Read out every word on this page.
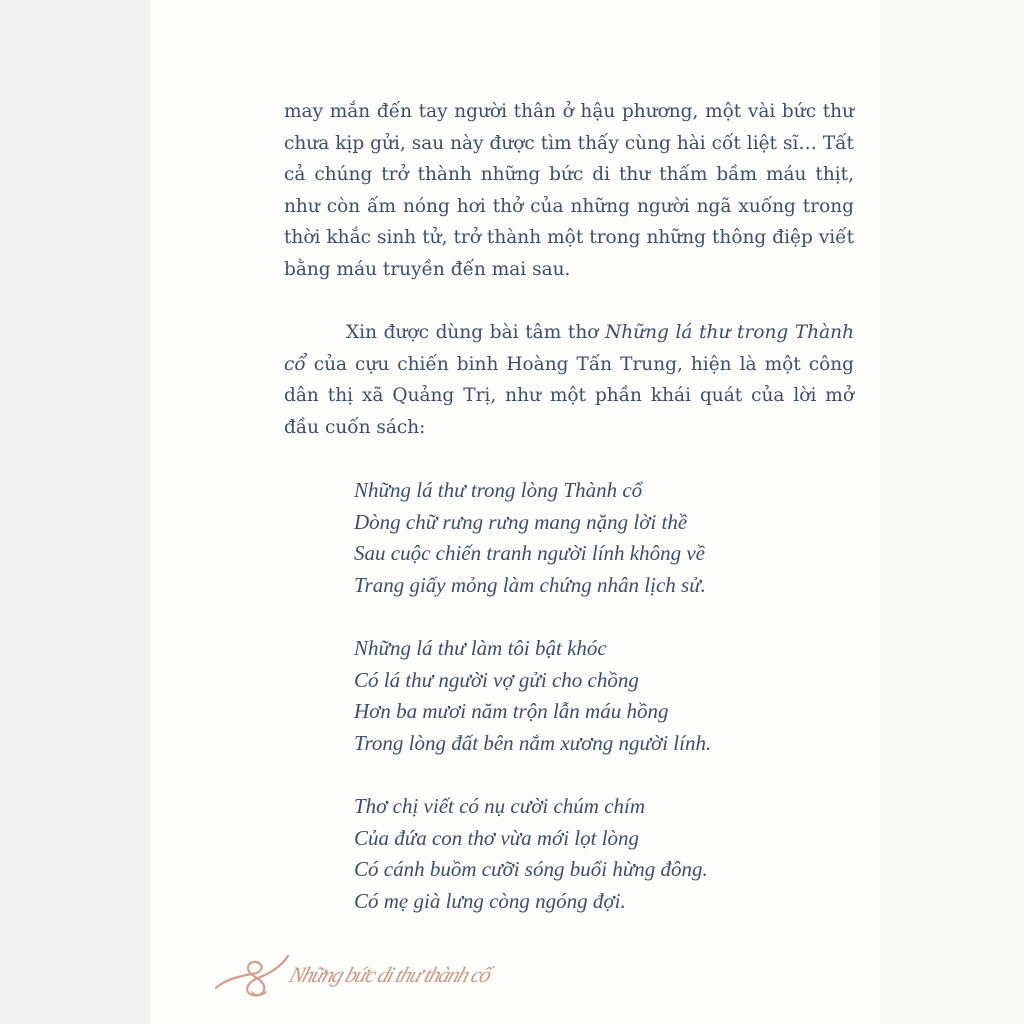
may mắn đến tay người thân ở hậu phương, một vài bức thư chưa kịp gửi, sau này được tìm thấy cùng hài cốt liệt sĩ… Tất cả chúng trở thành những bức di thư thấm bầm máu thịt, như còn ấm nóng hơi thở của những người ngã xuống trong thời khắc sinh tử, trở thành một trong những thông điệp viết bằng máu truyền đến mai sau.

Xin được dùng bài tâm thơ Những lá thư trong Thành cổ của cựu chiến binh Hoàng Tấn Trung, hiện là một công dân thị xã Quảng Trị, như một phần khái quát của lời mở đầu cuốn sách:

Những lá thư trong lòng Thành cổ
Dòng chữ rưng rưng mang nặng lời thề
Sau cuộc chiến tranh người lính không về
Trang giấy mỏng làm chứng nhân lịch sử.
Những lá thư làm tôi bật khóc
Có lá thư người vợ gửi cho chồng
Hơn ba mươi năm trộn lẫn máu hồng
Trong lòng đất bên nắm xương người lính.
Thơ chị viết có nụ cười chúm chím
Của đứa con thơ vừa mới lọt lòng
Có cánh buồm cưỡi sóng buổi hừng đông.
Có mẹ già lưng còng ngóng đợi.
Những bức di thư thành cổ
